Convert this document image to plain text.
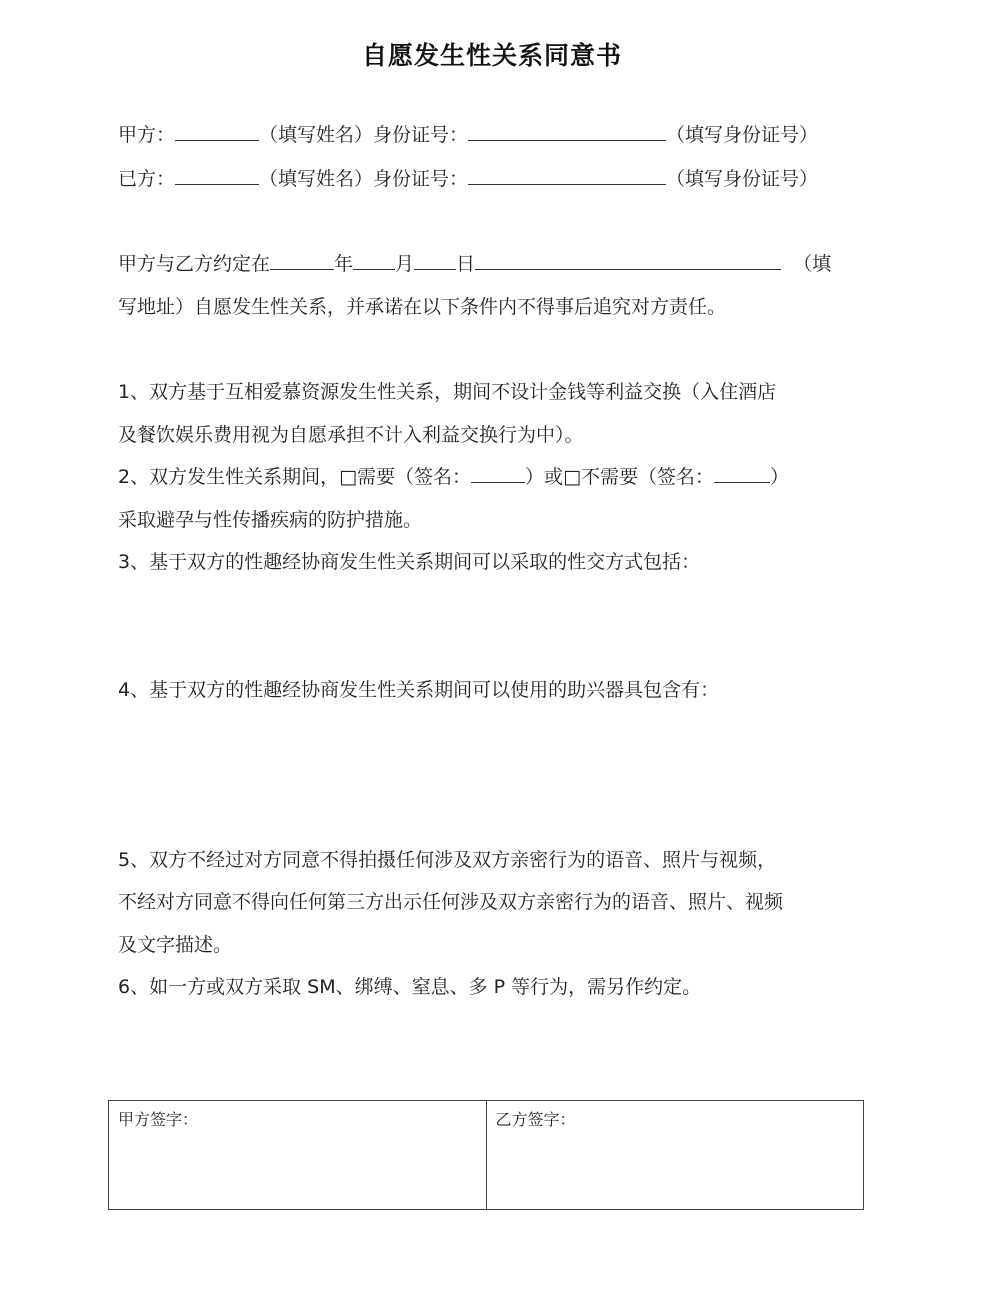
自愿发生性关系同意书
甲方：	（填写姓名）身份证号：	（填写身份证号）
已方：	（填写姓名）身份证号：	（填写身份证号）
甲方与乙方约定在	年 月 日	（填
写地址）自愿发生性关系，并承诺在以下条件内不得事后追究对方责任。
1、双方基于互相爱慕资源发生性关系，期间不设计金钱等利益交换（入住酒店
及餐饮娱乐费用视为自愿承担不计入利益交换行为中）。
2、双方发生性关系期间，□需要（签名：	）或□不需要（签名：	）
采取避孕与性传播疾病的防护措施。
3、基于双方的性趣经协商发生性关系期间可以采取的性交方式包括：
4、基于双方的性趣经协商发生性关系期间可以使用的助兴器具包含有：
5、双方不经过对方同意不得拍摄任何涉及双方亲密行为的语音、照片与视频，
不经对方同意不得向任何第三方出示任何涉及双方亲密行为的语音、照片、视频
及文字描述。
6、如一方或双方采取 SM、绑缚、窒息、多 P 等行为，需另作约定。
甲方签字：	乙方签字：
